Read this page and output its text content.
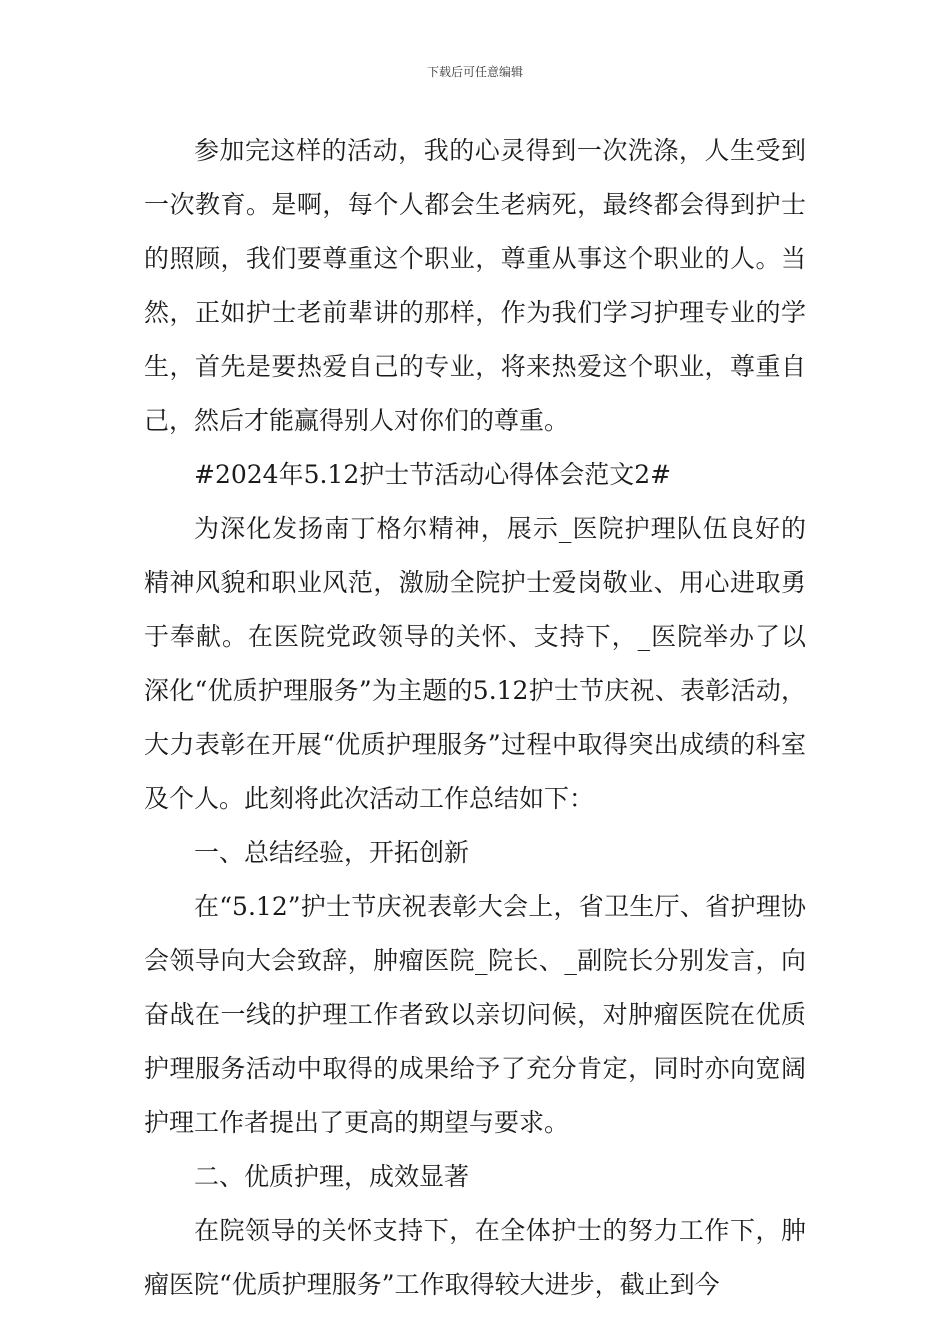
下载后可任意编辑

参加完这样的活动，我的心灵得到一次洗涤，人生受到一次教育。是啊，每个人都会生老病死，最终都会得到护士的照顾，我们要尊重这个职业，尊重从事这个职业的人。当然，正如护士老前辈讲的那样，作为我们学习护理专业的学生，首先是要热爱自己的专业，将来热爱这个职业，尊重自己，然后才能赢得别人对你们的尊重。

#2024年5.12护士节活动心得体会范文2#

为深化发扬南丁格尔精神，展示_医院护理队伍良好的精神风貌和职业风范，激励全院护士爱岗敬业、用心进取勇于奉献。在医院党政领导的关怀、支持下，_医院举办了以深化“优质护理服务”为主题的5.12护士节庆祝、表彰活动，大力表彰在开展“优质护理服务”过程中取得突出成绩的科室及个人。此刻将此次活动工作总结如下：

一、总结经验，开拓创新

在“5.12”护士节庆祝表彰大会上，省卫生厅、省护理协会领导向大会致辞，肿瘤医院_院长、_副院长分别发言，向奋战在一线的护理工作者致以亲切问候，对肿瘤医院在优质护理服务活动中取得的成果给予了充分肯定，同时亦向宽阔护理工作者提出了更高的期望与要求。

二、优质护理，成效显著

在院领导的关怀支持下，在全体护士的努力工作下，肿瘤医院“优质护理服务”工作取得较大进步，截止到今
